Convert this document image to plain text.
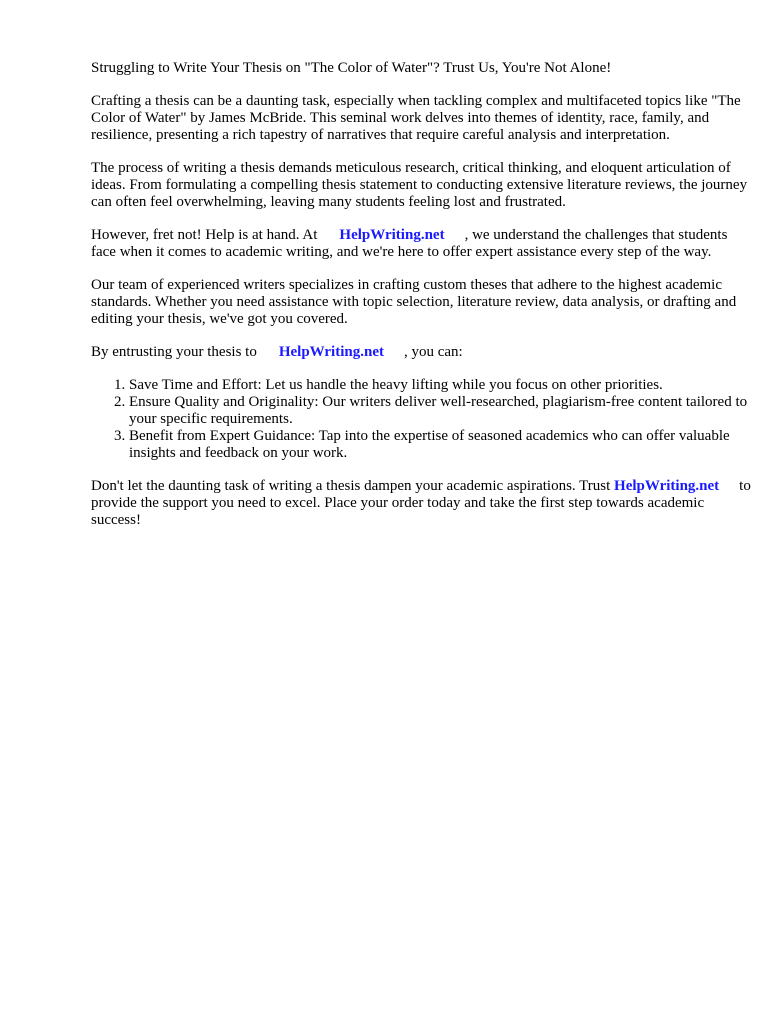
Struggling to Write Your Thesis on "The Color of Water"? Trust Us, You're Not Alone!

Crafting a thesis can be a daunting task, especially when tackling complex and multifaceted topics like "The Color of Water" by James McBride. This seminal work delves into themes of identity, race, family, and resilience, presenting a rich tapestry of narratives that require careful analysis and interpretation.

The process of writing a thesis demands meticulous research, critical thinking, and eloquent articulation of ideas. From formulating a compelling thesis statement to conducting extensive literature reviews, the journey can often feel overwhelming, leaving many students feeling lost and frustrated.

However, fret not! Help is at hand. At HelpWriting.net , we understand the challenges that students face when it comes to academic writing, and we're here to offer expert assistance every step of the way.

Our team of experienced writers specializes in crafting custom theses that adhere to the highest academic standards. Whether you need assistance with topic selection, literature review, data analysis, or drafting and editing your thesis, we've got you covered.

By entrusting your thesis to HelpWriting.net , you can:

1. Save Time and Effort: Let us handle the heavy lifting while you focus on other priorities.
2. Ensure Quality and Originality: Our writers deliver well-researched, plagiarism-free content tailored to your specific requirements.
3. Benefit from Expert Guidance: Tap into the expertise of seasoned academics who can offer valuable insights and feedback on your work.

Don't let the daunting task of writing a thesis dampen your academic aspirations. Trust HelpWriting.net to provide the support you need to excel. Place your order today and take the first step towards academic success!
